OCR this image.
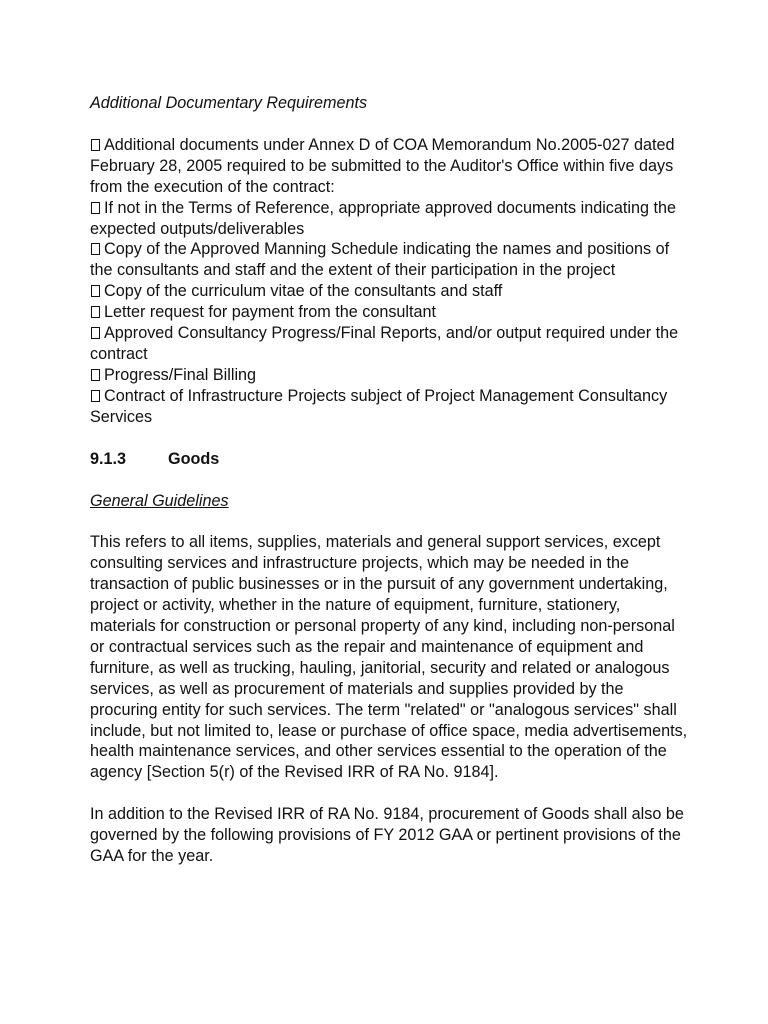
Additional Documentary Requirements
Additional documents under Annex D of COA Memorandum No.2005-027 dated February 28, 2005 required to be submitted to the Auditor's Office within five days from the execution of the contract:
If not in the Terms of Reference, appropriate approved documents indicating the expected outputs/deliverables
Copy of the Approved Manning Schedule indicating the names and positions of the consultants and staff and the extent of their participation in the project
Copy of the curriculum vitae of the consultants and staff
Letter request for payment from the consultant
Approved Consultancy Progress/Final Reports, and/or output required under the contract
Progress/Final Billing
Contract of Infrastructure Projects subject of Project Management Consultancy Services
9.1.3	Goods
General Guidelines
This refers to all items, supplies, materials and general support services, except consulting services and infrastructure projects, which may be needed in the transaction of public businesses or in the pursuit of any government undertaking, project or activity, whether in the nature of equipment, furniture, stationery, materials for construction or personal property of any kind, including non-personal or contractual services such as the repair and maintenance of equipment and furniture, as well as trucking, hauling, janitorial, security and related or analogous services, as well as procurement of materials and supplies provided by the procuring entity for such services. The term "related" or "analogous services" shall include, but not limited to, lease or purchase of office space, media advertisements, health maintenance services, and other services essential to the operation of the agency [Section 5(r) of the Revised IRR of RA No. 9184].
In addition to the Revised IRR of RA No. 9184, procurement of Goods shall also be governed by the following provisions of FY 2012 GAA or pertinent provisions of the GAA for the year.
